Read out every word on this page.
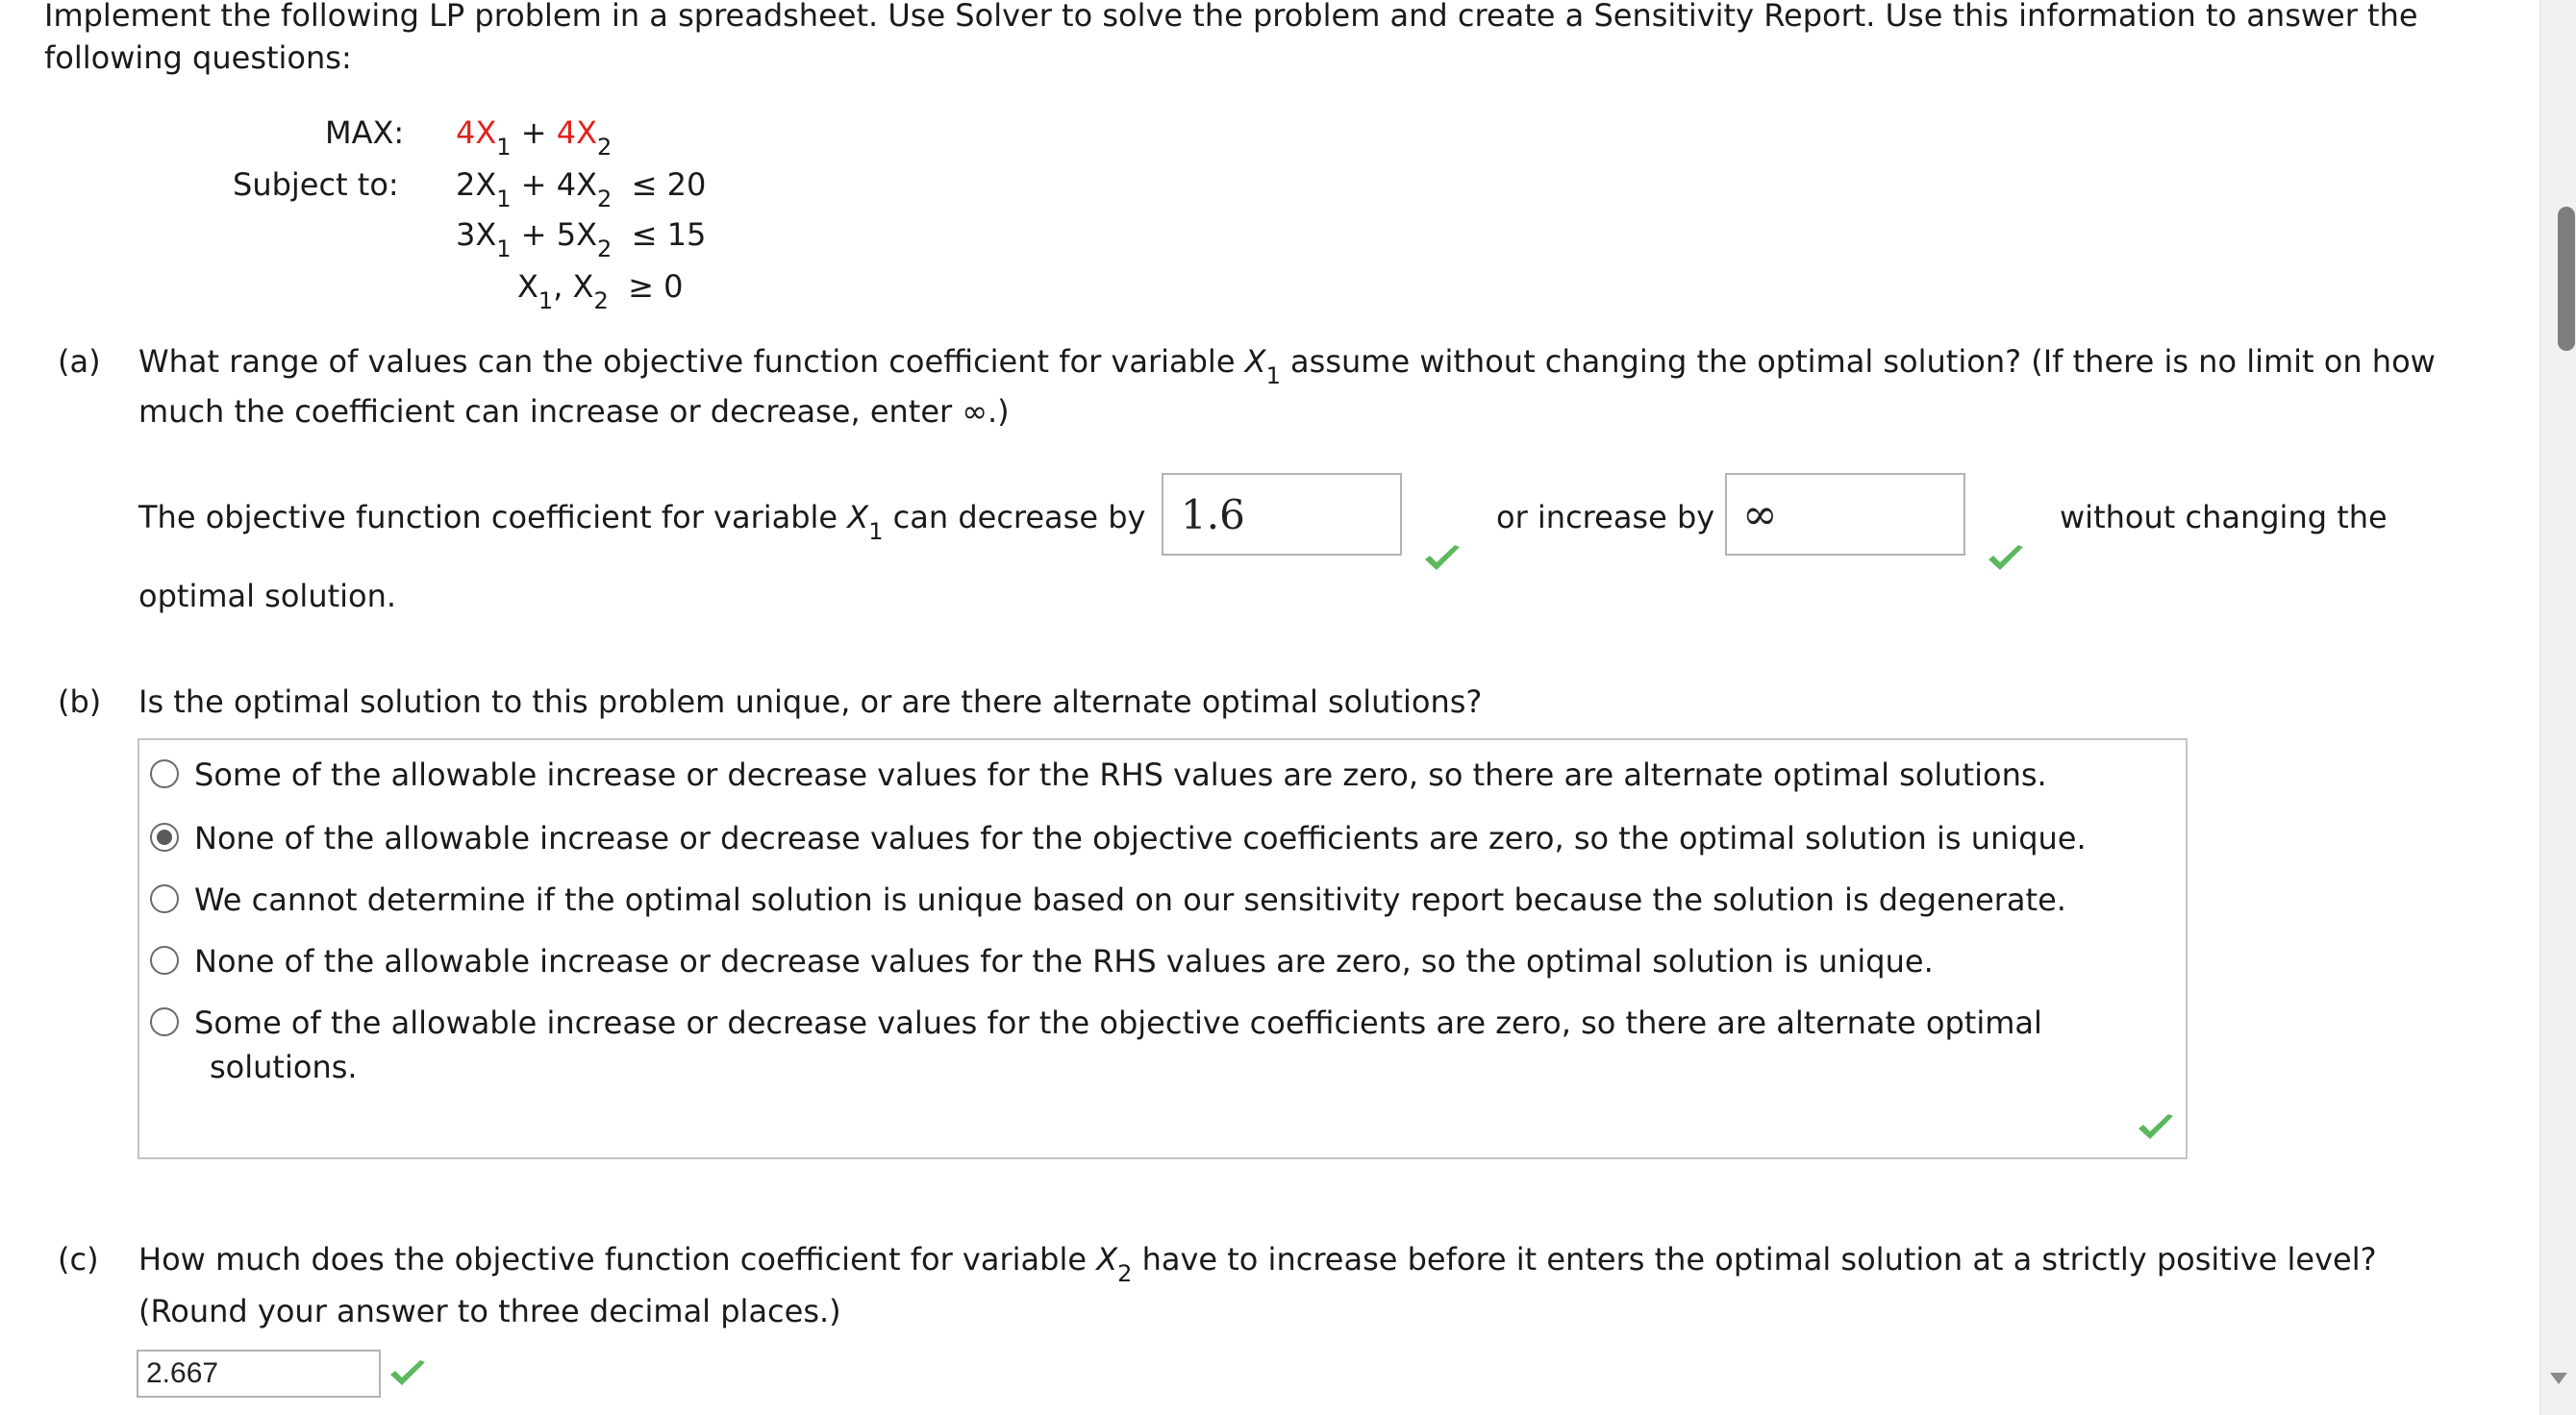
Implement the following LP problem in a spreadsheet. Use Solver to solve the problem and create a Sensitivity Report. Use this information to answer the
following questions:
MAX: $4X_1 + 4X_2$
Subject to: $2X_1 + 4X_2 \le 20$
$3X_1 + 5X_2 \le 15$
$X_1$, $X_2 \ge 0$
(a) What range of values can the objective function coefficient for variable $X_1$ assume without changing the optimal solution? (If there is no limit on how
much the coefficient can increase or decrease, enter ∞.)
The objective function coefficient for variable $X_1$ can decrease by 1.6	or increase by ∞	without changing the
optimal solution.
(b) Is the optimal solution to this problem unique, or are there alternate optimal solutions?
Some of the allowable increase or decrease values for the RHS values are zero, so there are alternate optimal solutions.
None of the allowable increase or decrease values for the objective coefficients are zero, so the optimal solution is unique.
We cannot determine if the optimal solution is unique based on our sensitivity report because the solution is degenerate.
None of the allowable increase or decrease values for the RHS values are zero, so the optimal solution is unique.
Some of the allowable increase or decrease values for the objective coefficients are zero, so there are alternate optimal
solutions.
(c) How much does the objective function coefficient for variable $X_2$ have to increase before it enters the optimal solution at a strictly positive level?
(Round your answer to three decimal places.)
2.667
